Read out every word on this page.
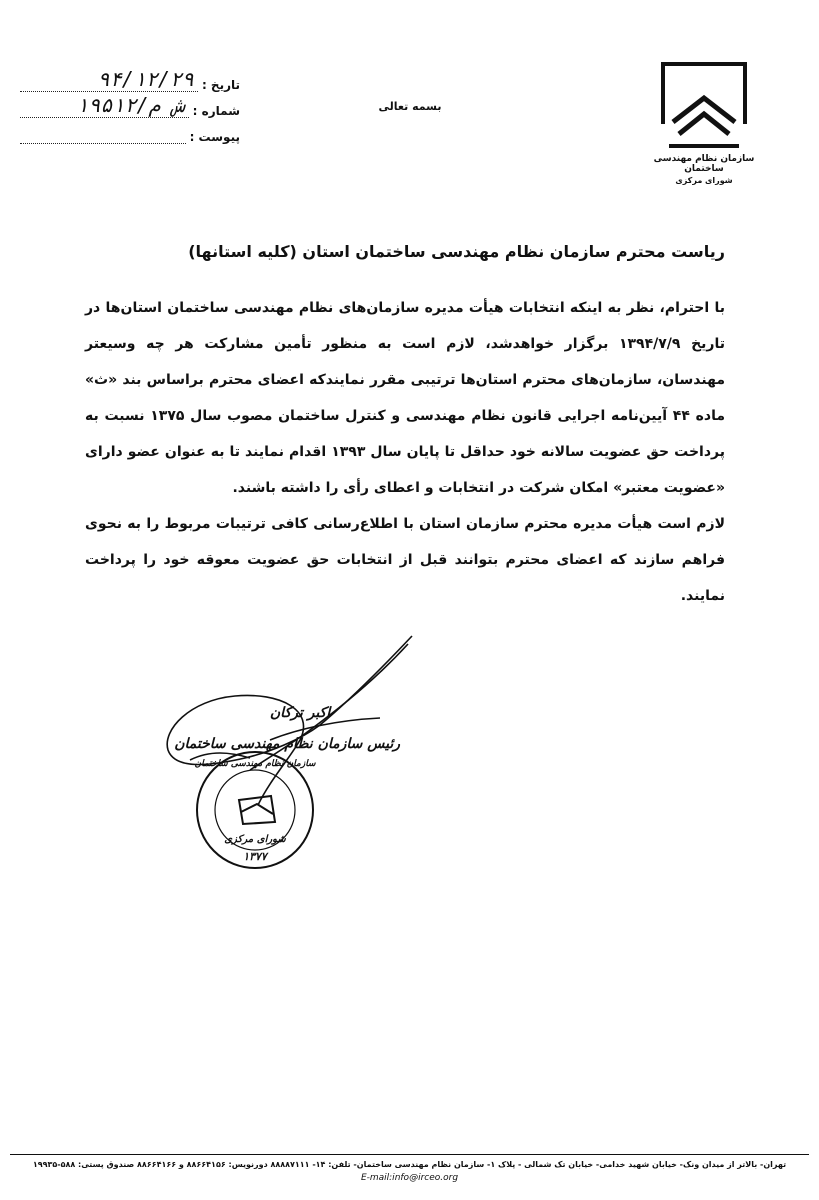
سازمان نظام مهندسی ساختمان
شورای مرکزی
بسمه تعالی
تاریخ :
۹۴/۱۲/۲۹
شماره :
۱۹۵۱۲/ش م
پیوست :
ریاست محترم سازمان نظام مهندسی ساختمان استان (کلیه استانها)

با احترام، نظر به اینکه انتخابات هیأت مدیره سازمان‌های نظام مهندسی ساختمان استان‌ها در تاریخ ۱۳۹۴/۷/۹ برگزار خواهدشد، لازم است به منظور تأمین مشارکت هر چه وسیعتر مهندسان، سازمان‌های محترم استان‌ها ترتیبی مقرر نمایندکه اعضای محترم براساس بند «ث» ماده ۴۴ آیین‌نامه اجرایی قانون نظام مهندسی و کنترل ساختمان مصوب سال ۱۳۷۵ نسبت به پرداخت حق عضویت سالانه خود حداقل تا پایان سال ۱۳۹۳ اقدام نمایند تا به عنوان عضو دارای «عضویت معتبر» امکان شرکت در انتخابات و اعطای رأی را داشته باشند.

لازم است هیأت مدیره محترم سازمان استان با اطلاع‌رسانی کافی ترتیبات مربوط را به نحوی فراهم سازند که اعضای محترم بتوانند قبل از انتخابات حق عضویت معوقه خود را پرداخت نمایند.

سازمان نظام مهندسی ساختمان
شورای مرکزی
۱۳۷۷
اکبر ترکان
رئیس سازمان نظام مهندسی ساختمان
تهران- بالاتر از میدان ونک- خیابان شهید خدامی- خیابان تک شمالی - پلاک ۱- سازمان نظام مهندسی ساختمان- تلفن: ۱۴- ۸۸۸۸۷۱۱۱ دورنویس: ۸۸۶۶۴۱۵۶ و ۸۸۶۶۴۱۶۶ صندوق پستی: ۵۸۸-۱۹۹۳۵
E-mail:info@irceo.org
